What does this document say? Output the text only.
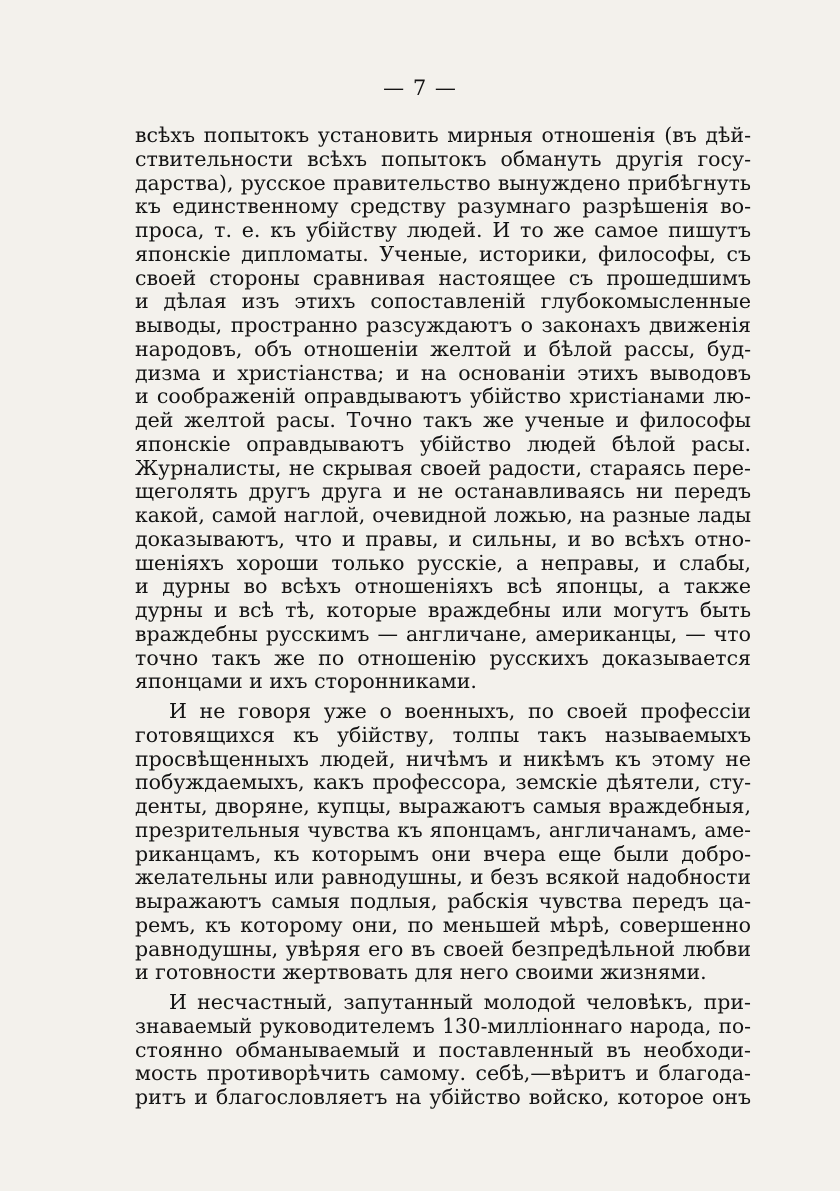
— 7 —
всѣхъ попытокъ установить мирныя отношенія (въ дѣй-
ствительности всѣхъ попытокъ обмануть другія госу-
дарства), русское правительство вынуждено прибѣгнуть
къ единственному средству разумнаго разрѣшенія во-
проса, т. е. къ убійству людей. И то же самое пишутъ
японскіе дипломаты. Ученые, историки, философы, съ
своей стороны сравнивая настоящее съ прошедшимъ
и дѣлая изъ этихъ сопоставленій глубокомысленные
выводы, пространно разсуждаютъ о законахъ движенія
народовъ, объ отношеніи желтой и бѣлой рассы, буд-
дизма и христіанства; и на основаніи этихъ выводовъ
и соображеній оправдываютъ убійство христіанами лю-
дей желтой расы. Точно такъ же ученые и философы
японскіе оправдываютъ убійство людей бѣлой расы.
Журналисты, не скрывая своей радости, стараясь пере-
щеголять другъ друга и не останавливаясь ни передъ
какой, самой наглой, очевидной ложью, на разные лады
доказываютъ, что и правы, и сильны, и во всѣхъ отно-
шеніяхъ хороши только русскіе, а неправы, и слабы,
и дурны во всѣхъ отношеніяхъ всѣ японцы, а также
дурны и всѣ тѣ, которые враждебны или могутъ быть
враждебны русскимъ — англичане, американцы, — что
точно такъ же по отношенію русскихъ доказывается
японцами и ихъ сторонниками.
И не говоря уже о военныхъ, по своей профессіи
готовящихся къ убійству, толпы такъ называемыхъ
просвѣщенныхъ людей, ничѣмъ и никѣмъ къ этому не
побуждаемыхъ, какъ профессора, земскіе дѣятели, сту-
денты, дворяне, купцы, выражаютъ самыя враждебныя,
презрительныя чувства къ японцамъ, англичанамъ, аме-
риканцамъ, къ которымъ они вчера еще были добро-
желательны или равнодушны, и безъ всякой надобности
выражаютъ самыя подлыя, рабскія чувства передъ ца-
ремъ, къ которому они, по меньшей мѣрѣ, совершенно
равнодушны, увѣряя его въ своей безпредѣльной любви
и готовности жертвовать для него своими жизнями.
И несчастный, запутанный молодой человѣкъ, при-
знаваемый руководителемъ 130-милліоннаго народа, по-
стоянно обманываемый и поставленный въ необходи-
мость противорѣчить самому. себѣ,—вѣритъ и благода-
ритъ и благословляетъ на убійство войско, которое онъ
